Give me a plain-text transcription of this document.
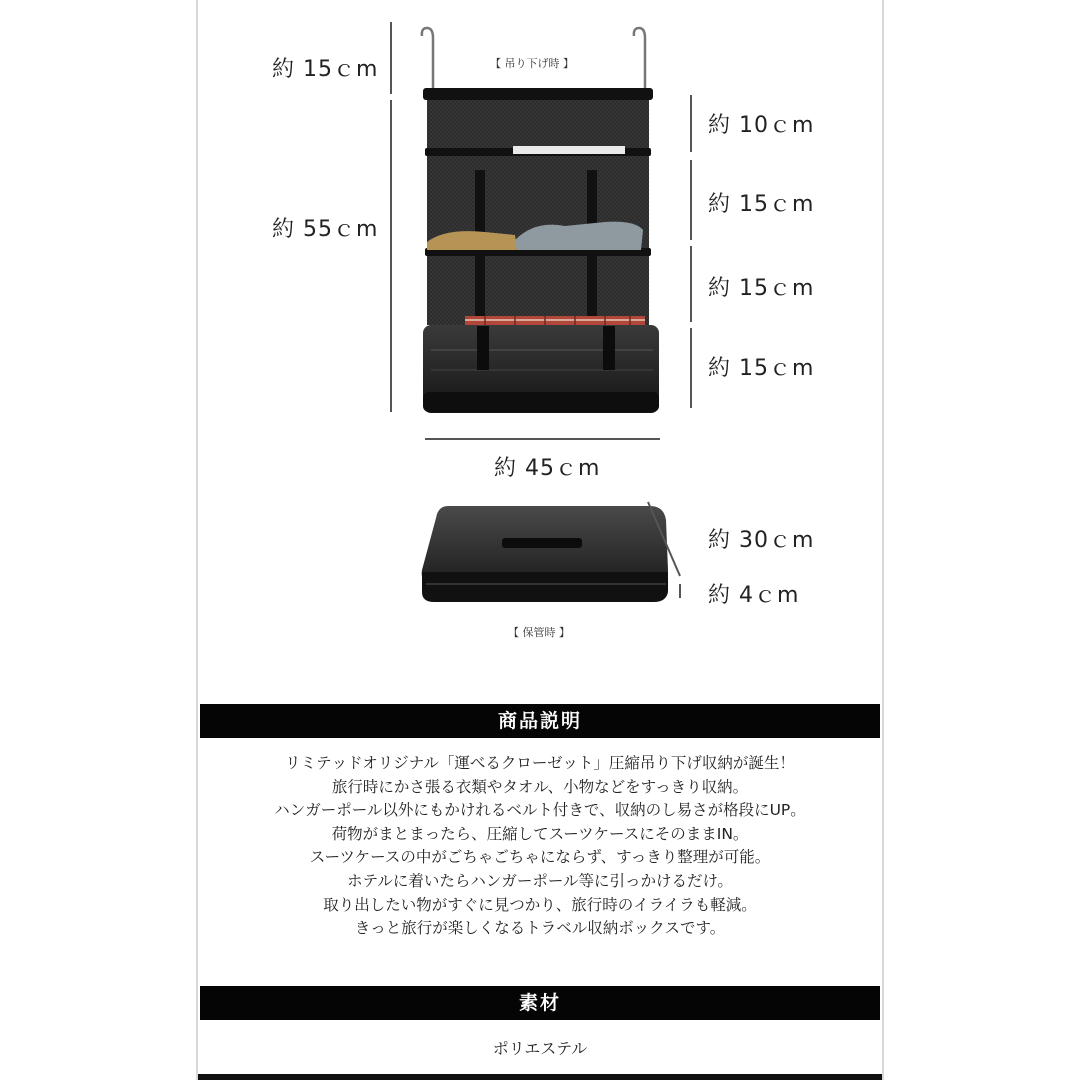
【 吊り下げ時 】
約 15ｃm
約 55ｃm
約 10ｃm
約 15ｃm
約 15ｃm
約 15ｃm
約 45ｃm
約 30ｃm
約 4ｃm
【 保管時 】
商品説明
リミテッドオリジナル「運べるクローゼット」圧縮吊り下げ収納が誕生！
旅行時にかさ張る衣類やタオル、小物などをすっきり収納。
ハンガーポール以外にもかけれるベルト付きで、収納のし易さが格段にUP。
荷物がまとまったら、圧縮してスーツケースにそのままIN。
スーツケースの中がごちゃごちゃにならず、すっきり整理が可能。
ホテルに着いたらハンガーポール等に引っかけるだけ。
取り出したい物がすぐに見つかり、旅行時のイライラも軽減。
きっと旅行が楽しくなるトラベル収納ボックスです。
素材
ポリエステル
